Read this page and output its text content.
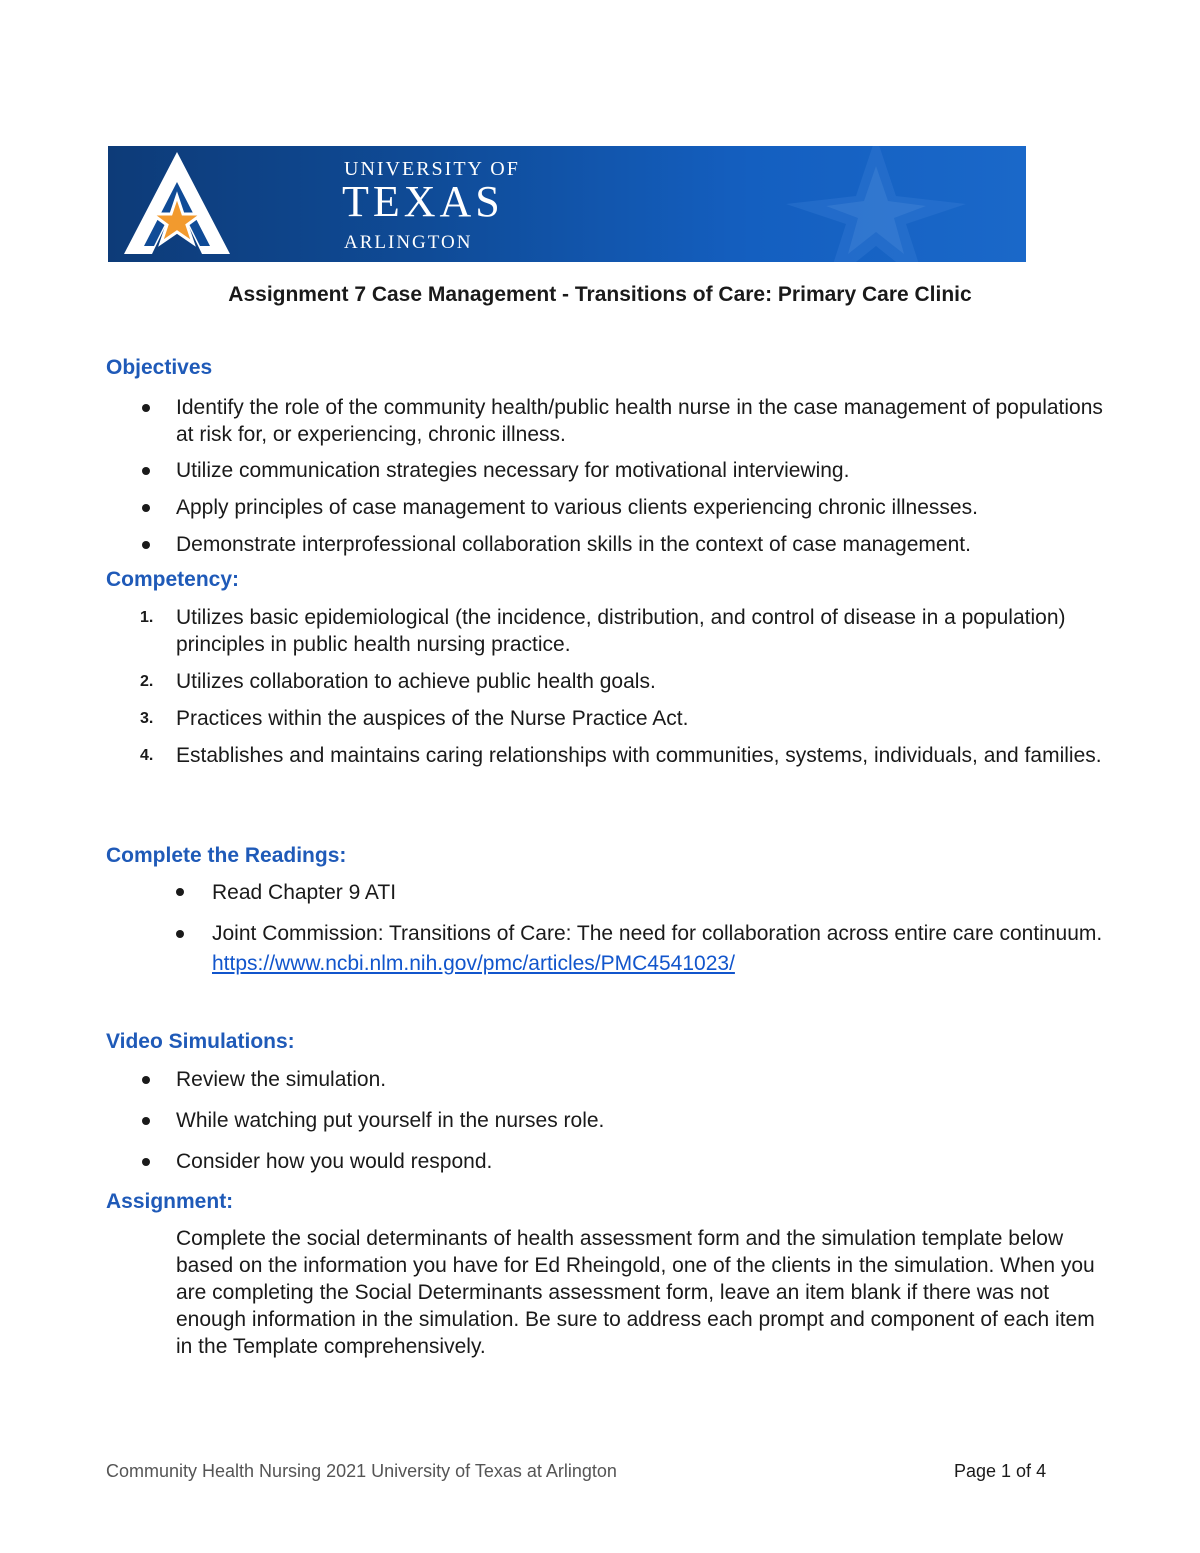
UNIVERSITY OF
TEXAS
ARLINGTON
Assignment 7 Case Management - Transitions of Care: Primary Care Clinic
Objectives
Identify the role of the community health/public health nurse in the case management of populations at risk for, or experiencing, chronic illness.
Utilize communication strategies necessary for motivational interviewing.
Apply principles of case management to various clients experiencing chronic illnesses.
Demonstrate interprofessional collaboration skills in the context of case management.
Competency:
1. Utilizes basic epidemiological (the incidence, distribution, and control of disease in a population) principles in public health nursing practice.
2. Utilizes collaboration to achieve public health goals.
3. Practices within the auspices of the Nurse Practice Act.
4. Establishes and maintains caring relationships with communities, systems, individuals, and families.
Complete the Readings:
Read Chapter 9 ATI
Joint Commission: Transitions of Care: The need for collaboration across entire care continuum. https://www.ncbi.nlm.nih.gov/pmc/articles/PMC4541023/
Video Simulations:
Review the simulation.
While watching put yourself in the nurses role.
Consider how you would respond.
Assignment:
Complete the social determinants of health assessment form and the simulation template below based on the information you have for Ed Rheingold, one of the clients in the simulation. When you are completing the Social Determinants assessment form, leave an item blank if there was not enough information in the simulation. Be sure to address each prompt and component of each item in the Template comprehensively.
Community Health Nursing 2021 University of Texas at Arlington	Page 1 of 4
